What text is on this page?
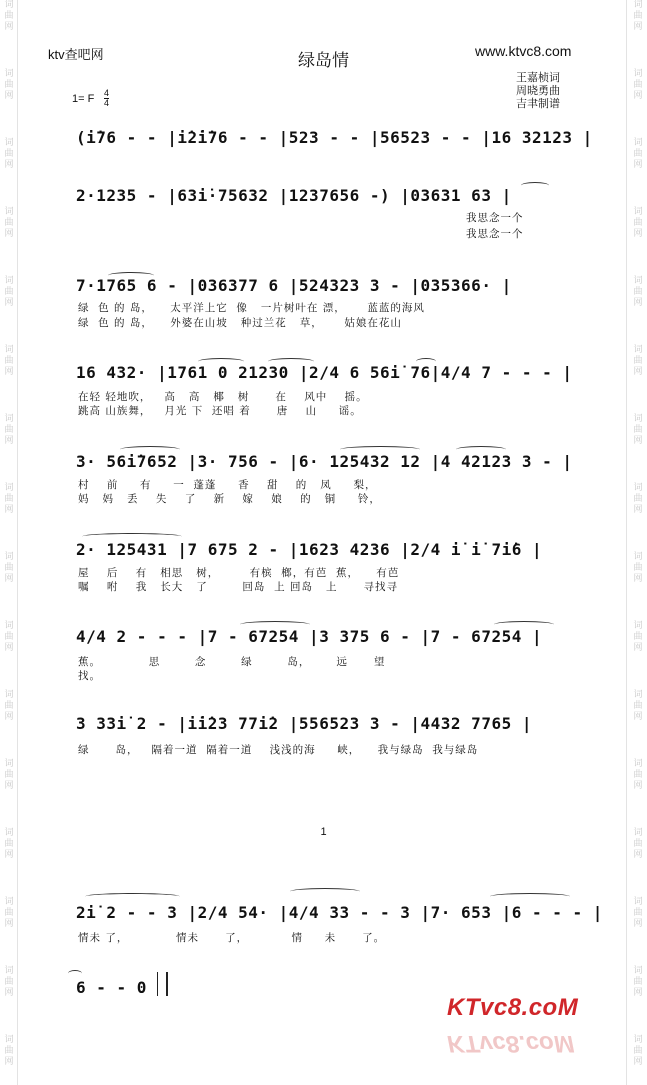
词
曲
网
词
曲
网
词
曲
网
词
曲
网
词
曲
网
词
曲
网
词
曲
网
词
曲
网
词
曲
网
词
曲
网
词
曲
网
词
曲
网
词
曲
网
词
曲
网
词
曲
网
词
曲
网
词
曲
网
词
曲
网
词
曲
网
词
曲
网
词
曲
网
词
曲
网
词
曲
网
词
曲
网
词
曲
网
词
曲
网
词
曲
网
词
曲
网
词
曲
网
词
曲
网
词
曲
网
词
曲
网
ktv查吧网	绿岛情	www.ktvc8.com
王嘉桢词
周晓勇曲
吉聿制谱
1= F 4
4
(i̇76 - - |i̇2̇i̇76 - - |523 - - |56523 - - |16 32123 |
2·1235 - |63i̇·75632 |1237656 -) |03631 63 |
我思念一个
我思念一个
7·1765 6 - |036377 6 |524323 3 - |035366· |
绿  色 的 岛，    太平洋上它  像   一片树叶在 漂，     蓝蓝的海风
绿  色 的 岛，    外婆在山坡   种过兰花   草，     姑娘在花山
16 432· |1761 0 21230 |2/4 6 56i̇ 76|4/4 7 - - - |
在轻 轻地吹，   高   高   椰   树      在    风中    摇。
跳高 山族舞，   月光 下  还唱 着      唐    山     谣。
3· 56i̇7652 |3· 756 - |6· 125432 12 |4 42123 3 - |
村    前     有     一  蓬蓬     香    甜    的   凤     梨，
妈   妈   丢    失    了    新    嫁    娘    的   铜     铃，
2· 125431 |7 675 2 - |1623 4236 |2/4 i̇ i̇ 7i̇6 |
屋    后    有   相思   树，       有槟  榔，有芭  蕉，    有芭
嘱    咐    我   长大   了        回岛  上 回岛   上      寻找寻
4/4 2 - - - |7 - 67254 |3 375 6 - |7 - 67254 |
蕉。           思        念        绿        岛，      远      望
找。
3 33i̇ 2 - |i̇i̇23 77i̇2 |556523 3 - |4432 7765 |
绿      岛，   隔着一道  隔着一道    浅浅的海     峡，    我与绿岛  我与绿岛
1
2i̇ 2 - - 3 |2/4 54· |4/4 33 - - 3 |7· 653 |6 - - - |
情未 了，           情未      了，          情     未      了。
6 - - 0
KTvc8.coM
KTvc8.coM
